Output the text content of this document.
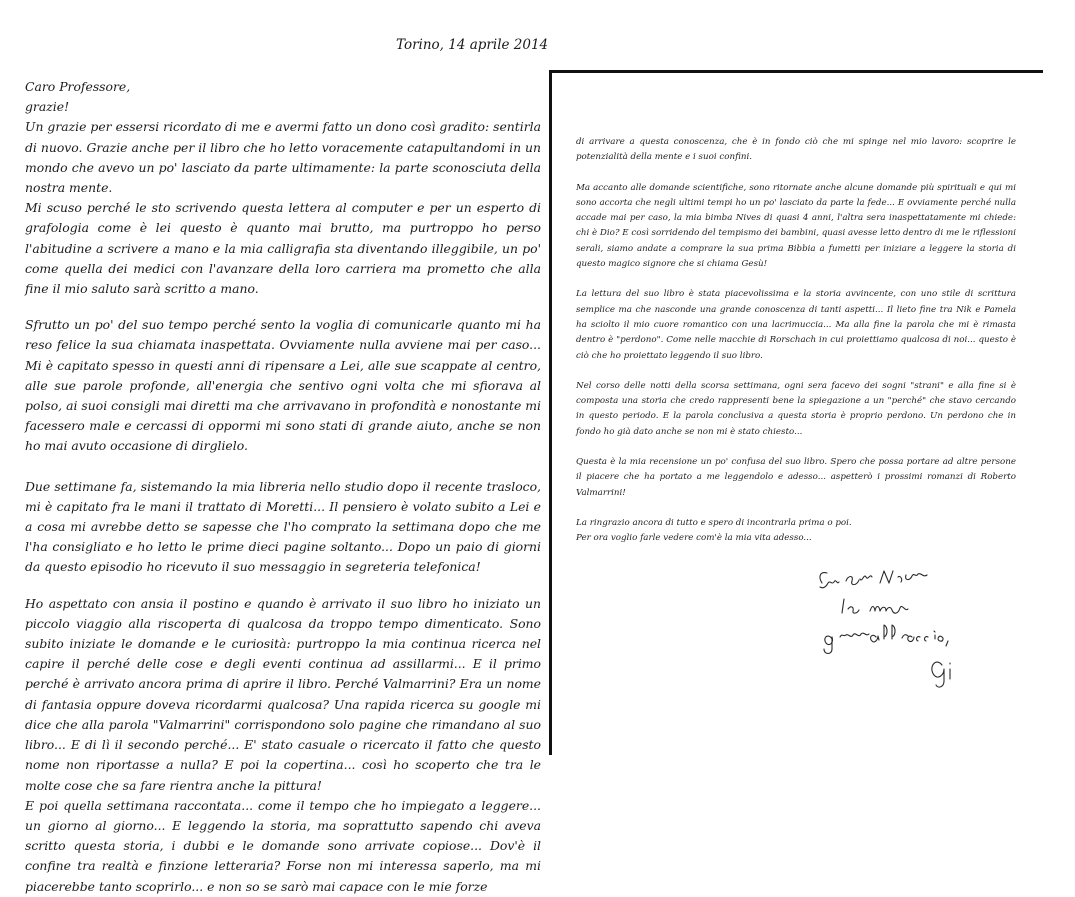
Torino, 14 aprile 2014

Caro Professore,

grazie!

Un grazie per essersi ricordato di me e avermi fatto un dono così gradito: sentirla di nuovo. Grazie anche per il libro che ho letto voracemente catapultandomi in un mondo che avevo un po' lasciato da parte ultimamente: la parte sconosciuta della nostra mente.

Mi scuso perché le sto scrivendo questa lettera al computer e per un esperto di grafologia come è lei questo è quanto mai brutto, ma purtroppo ho perso l'abitudine a scrivere a mano e la mia calligrafia sta diventando illeggibile, un po' come quella dei medici con l'avanzare della loro carriera ma prometto che alla fine il mio saluto sarà scritto a mano.

Sfrutto un po' del suo tempo perché sento la voglia di comunicarle quanto mi ha reso felice la sua chiamata inaspettata. Ovviamente nulla avviene mai per caso... Mi è capitato spesso in questi anni di ripensare a Lei, alle sue scappate al centro, alle sue parole profonde, all'energia che sentivo ogni volta che mi sfiorava al polso, ai suoi consigli mai diretti ma che arrivavano in profondità e nonostante mi facessero male e cercassi di oppormi mi sono stati di grande aiuto, anche se non ho mai avuto occasione di dirglielo.

Due settimane fa, sistemando la mia libreria nello studio dopo il recente trasloco, mi è capitato fra le mani il trattato di Moretti... Il pensiero è volato subito a Lei e a cosa mi avrebbe detto se sapesse che l'ho comprato la settimana dopo che me l'ha consigliato e ho letto le prime dieci pagine soltanto... Dopo un paio di giorni da questo episodio ho ricevuto il suo messaggio in segreteria telefonica!

Ho aspettato con ansia il postino e quando è arrivato il suo libro ho iniziato un piccolo viaggio alla riscoperta di qualcosa da troppo tempo dimenticato. Sono subito iniziate le domande e le curiosità: purtroppo la mia continua ricerca nel capire il perché delle cose e degli eventi continua ad assillarmi... E il primo perché è arrivato ancora prima di aprire il libro. Perché Valmarrini? Era un nome di fantasia oppure doveva ricordarmi qualcosa? Una rapida ricerca su google mi dice che alla parola "Valmarrini" corrispondono solo pagine che rimandano al suo libro... E di lì il secondo perché... E' stato casuale o ricercato il fatto che questo nome non riportasse a nulla? E poi la copertina... così ho scoperto che tra le molte cose che sa fare rientra anche la pittura!

E poi quella settimana raccontata... come il tempo che ho impiegato a leggere... un giorno al giorno... E leggendo la storia, ma soprattutto sapendo chi aveva scritto questa storia, i dubbi e le domande sono arrivate copiose... Dov'è il confine tra realtà e finzione letteraria? Forse non mi interessa saperlo, ma mi piacerebbe tanto scoprirlo... e non so se sarò mai capace con le mie forze

di arrivare a questa conoscenza, che è in fondo ciò che mi spinge nel mio lavoro: scoprire le potenzialità della mente e i suoi confini.

Ma accanto alle domande scientifiche, sono ritornate anche alcune domande più spirituali e qui mi sono accorta che negli ultimi tempi ho un po' lasciato da parte la fede... E ovviamente perché nulla accade mai per caso, la mia bimba Nives di quasi 4 anni, l'altra sera inaspettatamente mi chiede: chi è Dio? E così sorridendo del tempismo dei bambini, quasi avesse letto dentro di me le riflessioni serali, siamo andate a comprare la sua prima Bibbia a fumetti per iniziare a leggere la storia di questo magico signore che si chiama Gesù!

La lettura del suo libro è stata piacevolissima e la storia avvincente, con uno stile di scrittura semplice ma che nasconde una grande conoscenza di tanti aspetti... Il lieto fine tra Nik e Pamela ha sciolto il mio cuore romantico con una lacrimuccia... Ma alla fine la parola che mi è rimasta dentro è "perdono". Come nelle macchie di Rorschach in cui proiettiamo qualcosa di noi... questo è ciò che ho proiettato leggendo il suo libro.

Nel corso delle notti della scorsa settimana, ogni sera facevo dei sogni "strani" e alla fine si è composta una storia che credo rappresenti bene la spiegazione a un "perché" che stavo cercando in questo periodo. E la parola conclusiva a questa storia è proprio perdono. Un perdono che in fondo ho già dato anche se non mi è stato chiesto...

Questa è la mia recensione un po' confusa del suo libro. Spero che possa portare ad altre persone il piacere che ha portato a me leggendolo e adesso... aspetterò i prossimi romanzi di Roberto Valmarrini!

La ringrazio ancora di tutto e spero di incontrarla prima o poi.

Per ora voglio farle vedere com'è la mia vita adesso...
